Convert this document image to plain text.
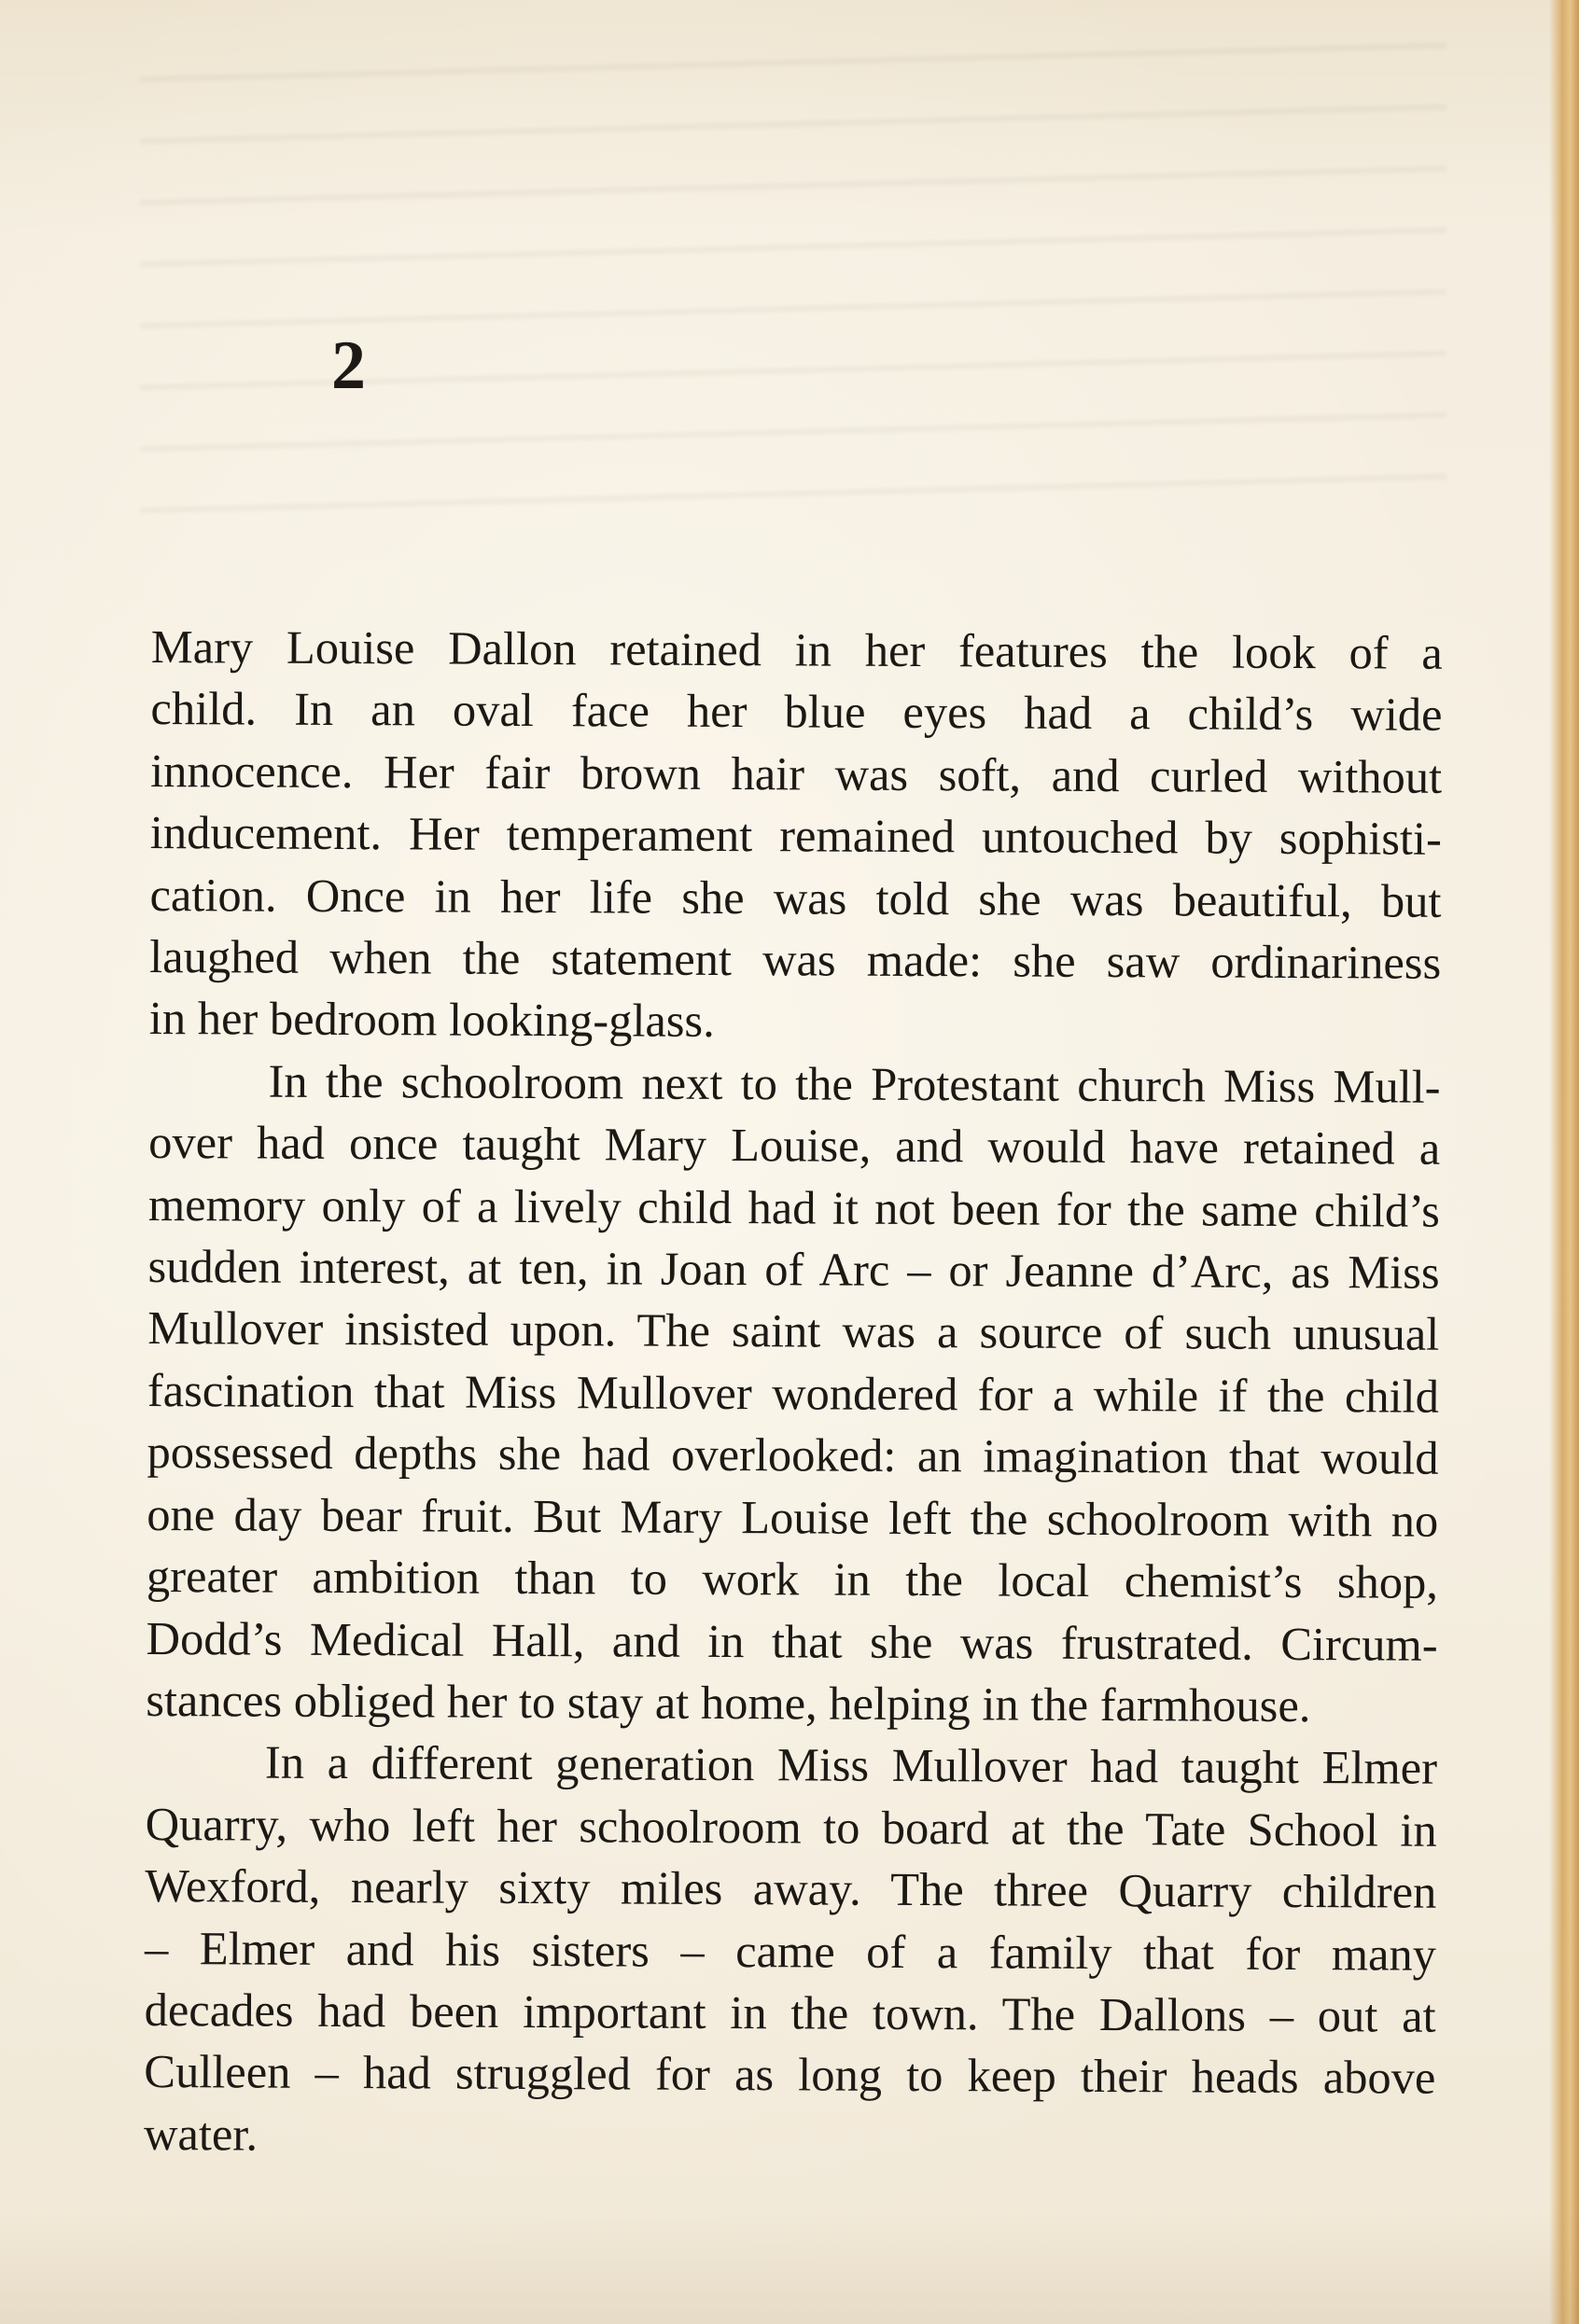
2

Mary Louise Dallon retained in her features the look of a
child. In an oval face her blue eyes had a child’s wide
innocence. Her fair brown hair was soft, and curled without
inducement. Her temperament remained untouched by sophisti-
cation. Once in her life she was told she was beautiful, but
laughed when the statement was made: she saw ordinariness
in her bedroom looking-glass.

In the schoolroom next to the Protestant church Miss Mull-
over had once taught Mary Louise, and would have retained a
memory only of a lively child had it not been for the same child’s
sudden interest, at ten, in Joan of Arc – or Jeanne d’Arc, as Miss
Mullover insisted upon. The saint was a source of such unusual
fascination that Miss Mullover wondered for a while if the child
possessed depths she had overlooked: an imagination that would
one day bear fruit. But Mary Louise left the schoolroom with no
greater ambition than to work in the local chemist’s shop,
Dodd’s Medical Hall, and in that she was frustrated. Circum-
stances obliged her to stay at home, helping in the farmhouse.

In a different generation Miss Mullover had taught Elmer
Quarry, who left her schoolroom to board at the Tate School in
Wexford, nearly sixty miles away. The three Quarry children
– Elmer and his sisters – came of a family that for many
decades had been important in the town. The Dallons – out at
Culleen – had struggled for as long to keep their heads above
water.
